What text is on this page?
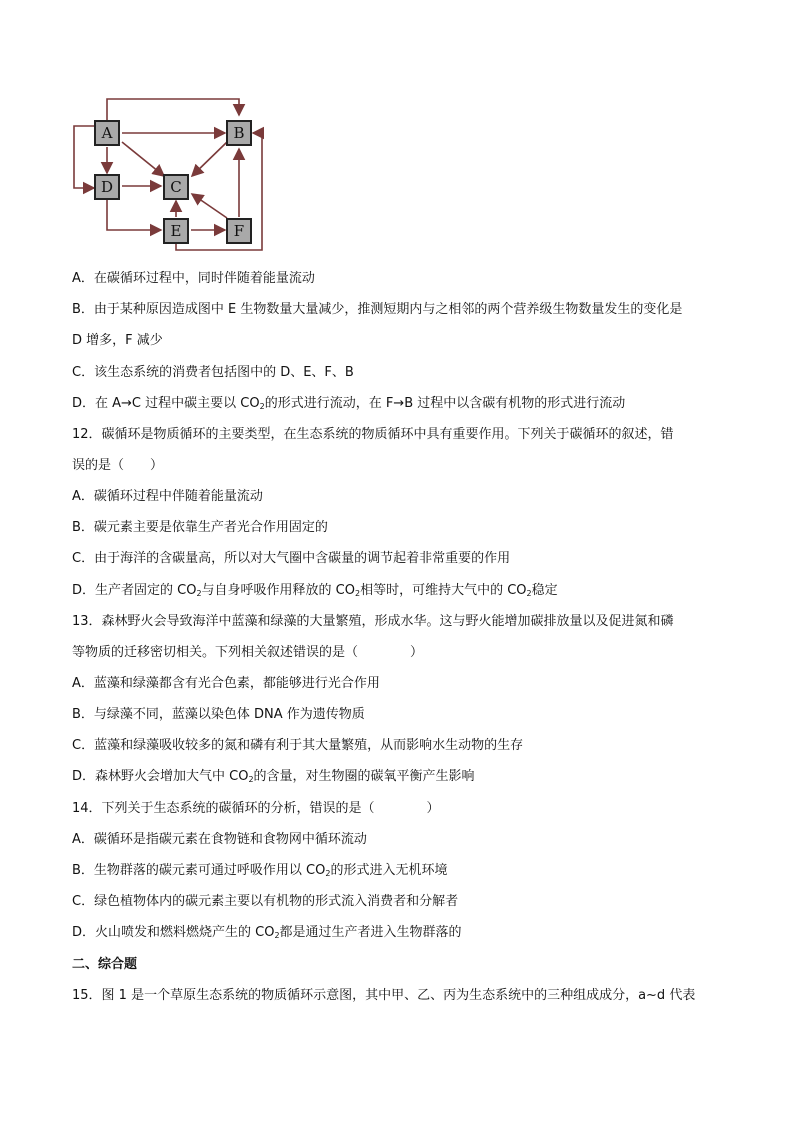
A	B
C
D
E	F
A．在碳循环过程中，同时伴随着能量流动
B．由于某种原因造成图中 E 生物数量大量减少，推测短期内与之相邻的两个营养级生物数量发生的变化是
D 增多，F 减少
C．该生态系统的消费者包括图中的 D、E、F、B
D．在 A→C 过程中碳主要以 $CO_2$的形式进行流动，在 F→B 过程中以含碳有机物的形式进行流动
12．碳循环是物质循环的主要类型，在生态系统的物质循环中具有重要作用。下列关于碳循环的叙述，错
误的是（　　）
A．碳循环过程中伴随着能量流动
B．碳元素主要是依靠生产者光合作用固定的
C．由于海洋的含碳量高，所以对大气圈中含碳量的调节起着非常重要的作用
D．生产者固定的 $CO_2$与自身呼吸作用释放的 $CO_2$相等时，可维持大气中的 $CO_2$稳定
13．森林野火会导致海洋中蓝藻和绿藻的大量繁殖，形成水华。这与野火能增加碳排放量以及促进氮和磷
等物质的迁移密切相关。下列相关叙述错误的是（　　　　）
A．蓝藻和绿藻都含有光合色素，都能够进行光合作用
B．与绿藻不同，蓝藻以染色体 DNA 作为遗传物质
C．蓝藻和绿藻吸收较多的氮和磷有利于其大量繁殖，从而影响水生动物的生存
D．森林野火会增加大气中 $CO_2$的含量，对生物圈的碳氧平衡产生影响
14．下列关于生态系统的碳循环的分析，错误的是（　　　　）
A．碳循环是指碳元素在食物链和食物网中循环流动
B．生物群落的碳元素可通过呼吸作用以 $CO_2$的形式进入无机环境
C．绿色植物体内的碳元素主要以有机物的形式流入消费者和分解者
D．火山喷发和燃料燃烧产生的 $CO_2$都是通过生产者进入生物群落的
二、综合题
15．图 1 是一个草原生态系统的物质循环示意图，其中甲、乙、丙为生态系统中的三种组成成分，a~d 代表
